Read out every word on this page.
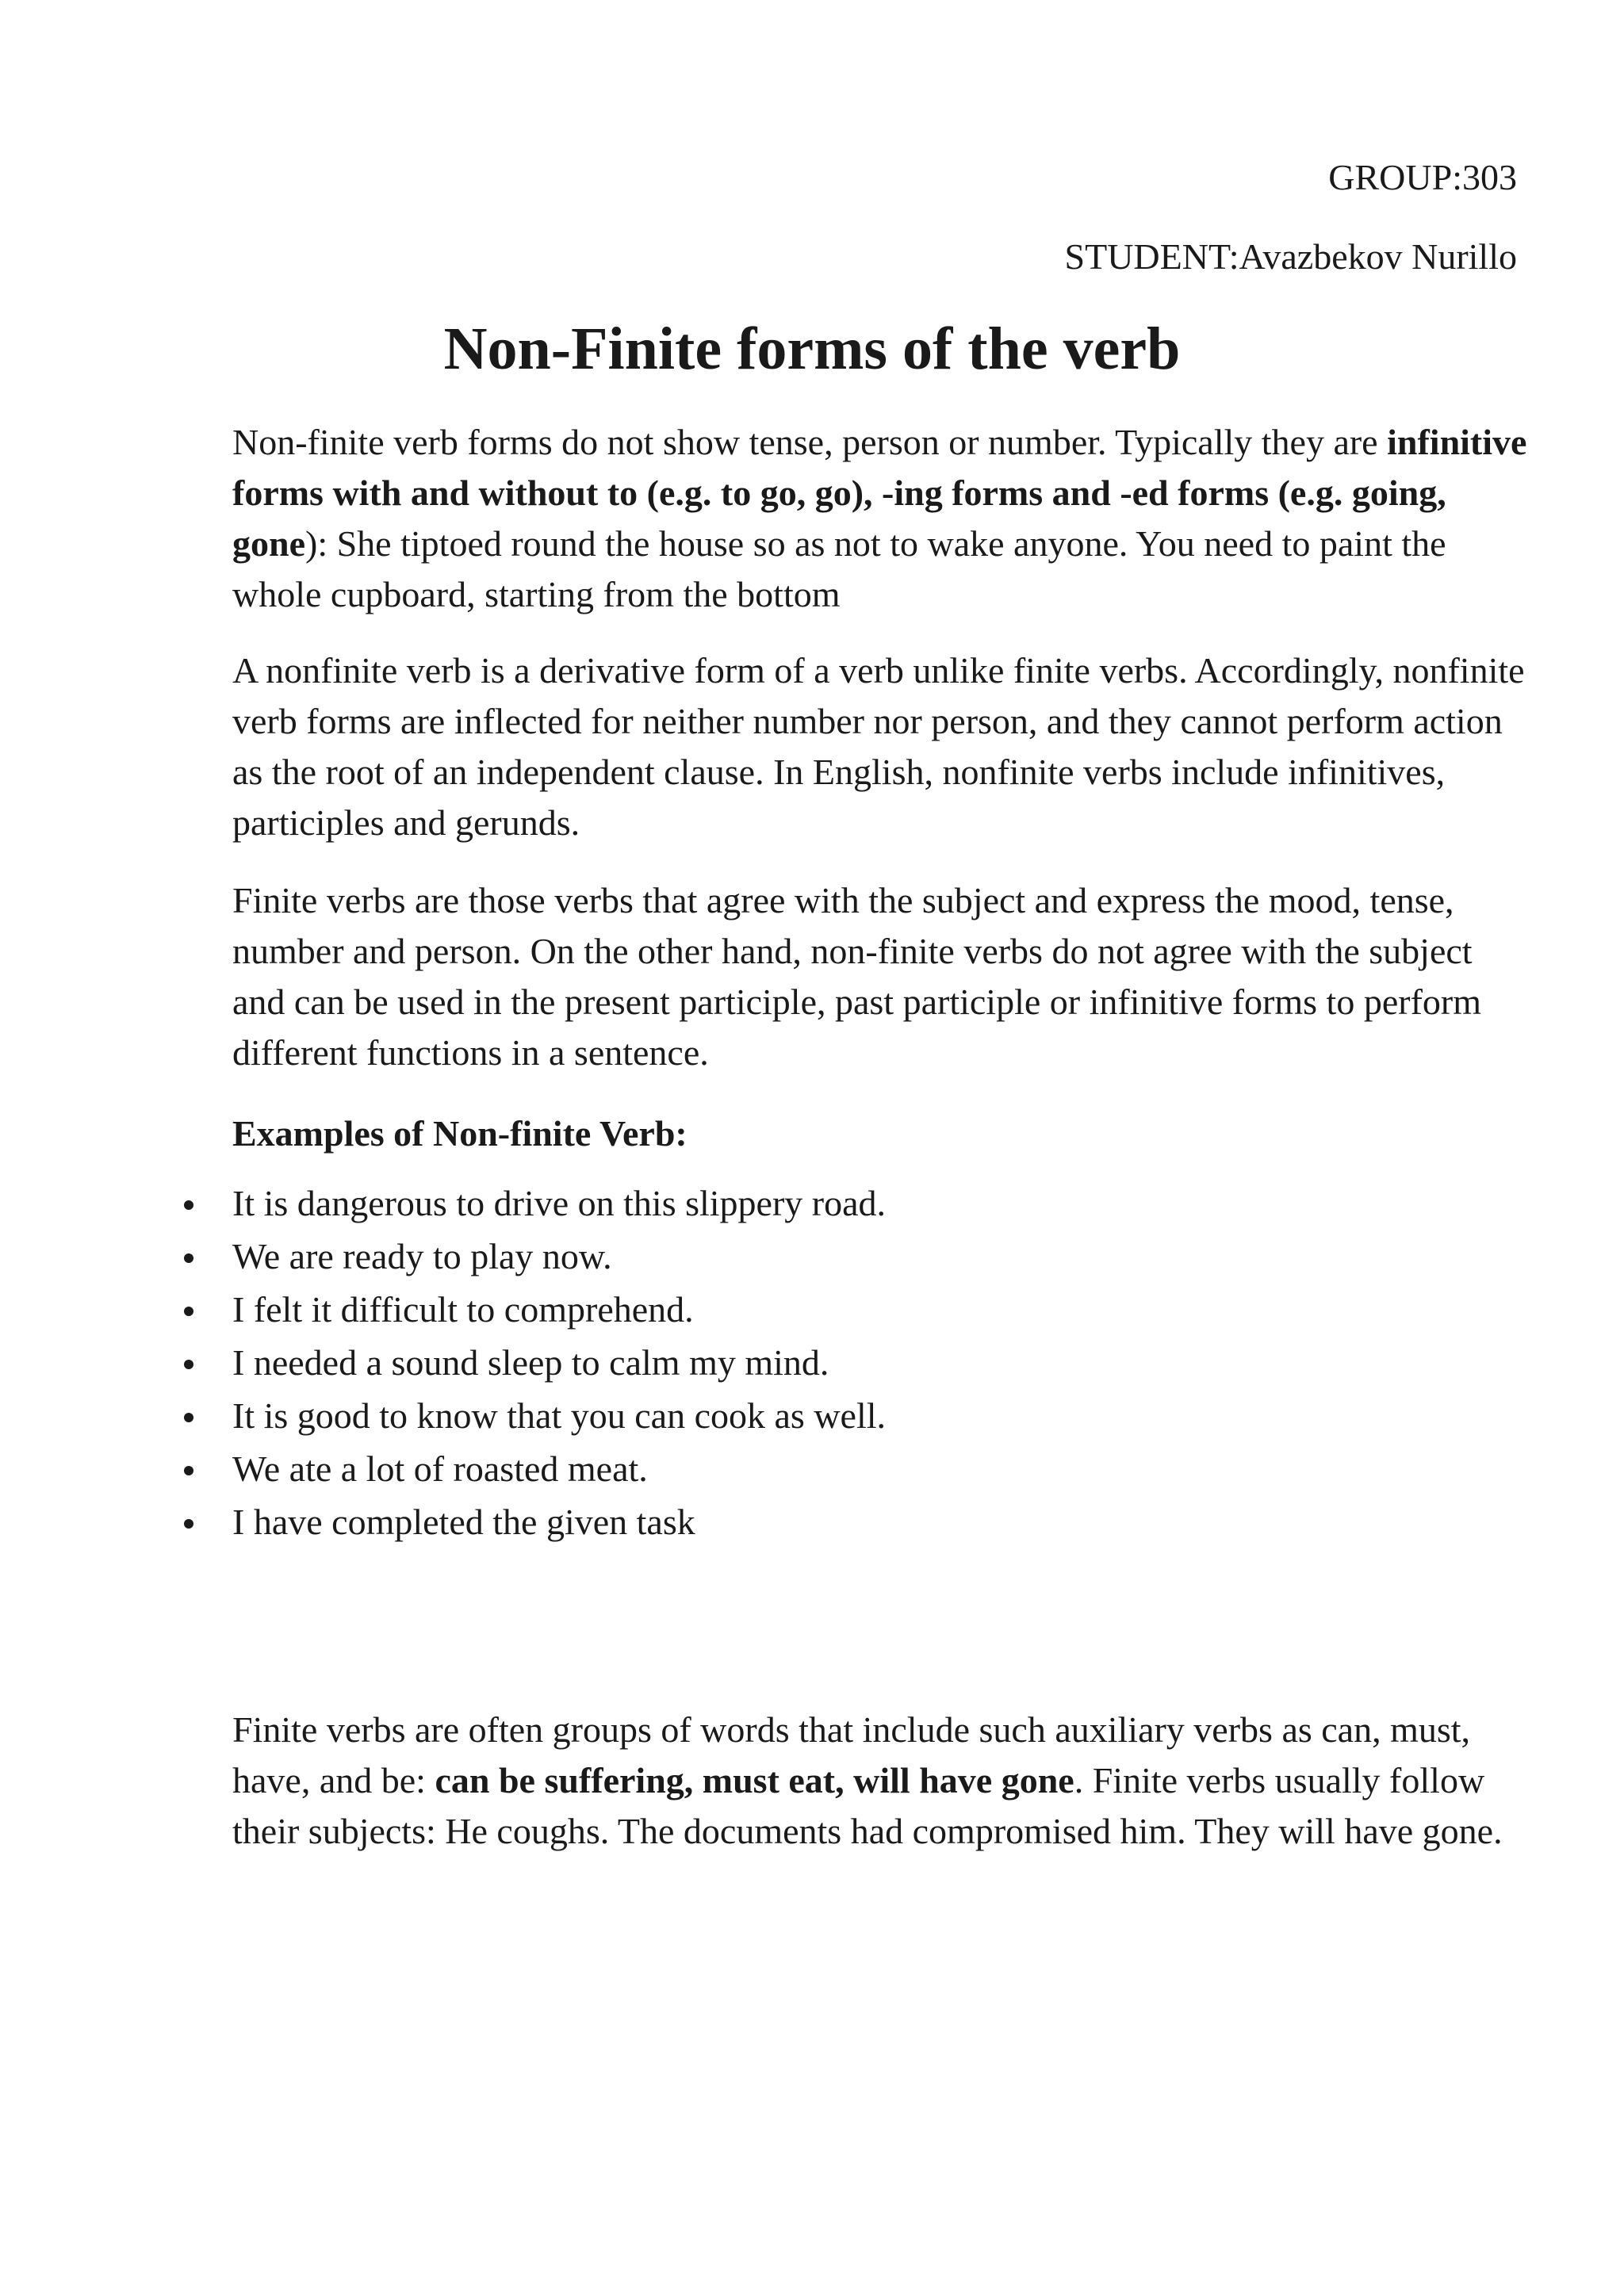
GROUP:303
STUDENT:Avazbekov Nurillo
Non-Finite forms of the verb

Non-finite verb forms do not show tense, person or number. Typically they are infinitive forms with and without to (e.g. to go, go), -ing forms and -ed forms (e.g. going, gone): She tiptoed round the house so as not to wake anyone. You need to paint the whole cupboard, starting from the bottom

A nonfinite verb is a derivative form of a verb unlike finite verbs. Accordingly, nonfinite verb forms are inflected for neither number nor person, and they cannot perform action as the root of an independent clause. In English, nonfinite verbs include infinitives, participles and gerunds.

Finite verbs are those verbs that agree with the subject and express the mood, tense, number and person. On the other hand, non-finite verbs do not agree with the subject and can be used in the present participle, past participle or infinitive forms to perform different functions in a sentence.

Examples of Non-finite Verb:

It is dangerous to drive on this slippery road.
We are ready to play now.
I felt it difficult to comprehend.
I needed a sound sleep to calm my mind.
It is good to know that you can cook as well.
We ate a lot of roasted meat.
I have completed the given task

Finite verbs are often groups of words that include such auxiliary verbs as can, must, have, and be: can be suffering, must eat, will have gone. Finite verbs usually follow their subjects: He coughs. The documents had compromised him. They will have gone.
